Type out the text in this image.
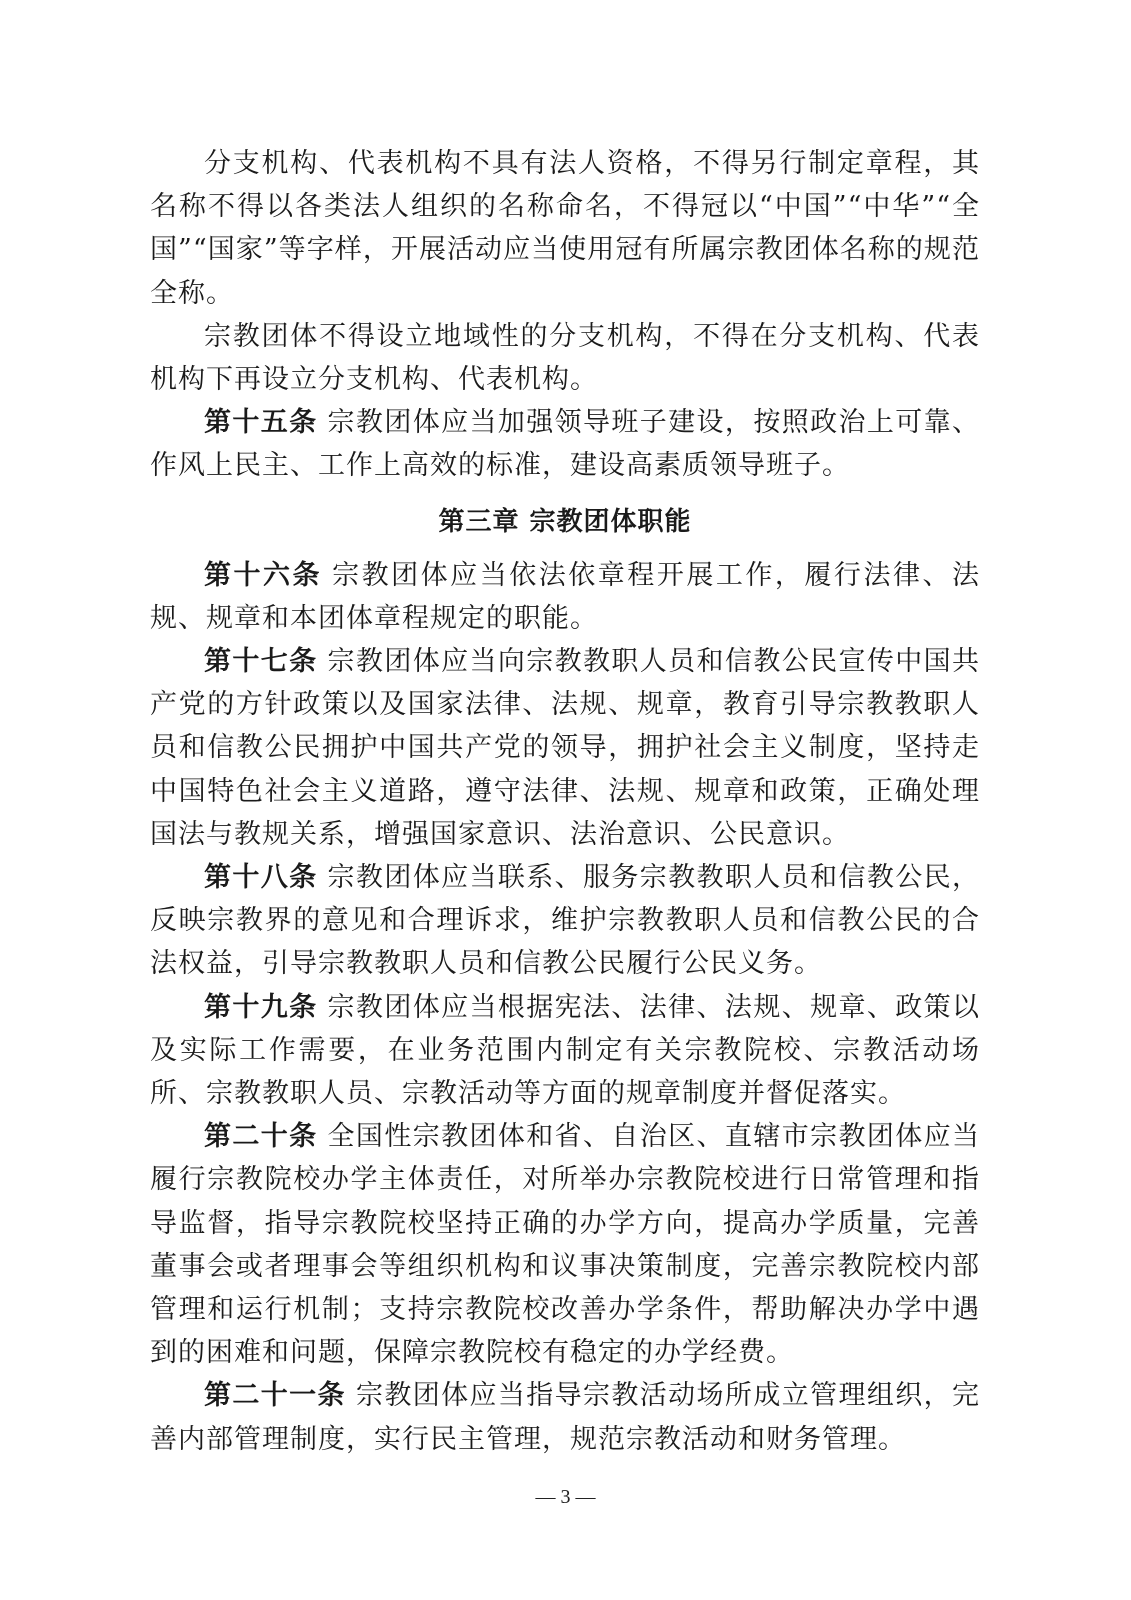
分支机构、代表机构不具有法人资格，不得另行制定章程，其名称不得以各类法人组织的名称命名，不得冠以“中国”“中华”“全国”“国家”等字样，开展活动应当使用冠有所属宗教团体名称的规范全称。

宗教团体不得设立地域性的分支机构，不得在分支机构、代表机构下再设立分支机构、代表机构。

第十五条 宗教团体应当加强领导班子建设，按照政治上可靠、作风上民主、工作上高效的标准，建设高素质领导班子。

第三章 宗教团体职能

第十六条 宗教团体应当依法依章程开展工作，履行法律、法规、规章和本团体章程规定的职能。

第十七条 宗教团体应当向宗教教职人员和信教公民宣传中国共产党的方针政策以及国家法律、法规、规章，教育引导宗教教职人员和信教公民拥护中国共产党的领导，拥护社会主义制度，坚持走中国特色社会主义道路，遵守法律、法规、规章和政策，正确处理国法与教规关系，增强国家意识、法治意识、公民意识。

第十八条 宗教团体应当联系、服务宗教教职人员和信教公民，反映宗教界的意见和合理诉求，维护宗教教职人员和信教公民的合法权益，引导宗教教职人员和信教公民履行公民义务。

第十九条 宗教团体应当根据宪法、法律、法规、规章、政策以及实际工作需要，在业务范围内制定有关宗教院校、宗教活动场所、宗教教职人员、宗教活动等方面的规章制度并督促落实。

第二十条 全国性宗教团体和省、自治区、直辖市宗教团体应当履行宗教院校办学主体责任，对所举办宗教院校进行日常管理和指导监督，指导宗教院校坚持正确的办学方向，提高办学质量，完善董事会或者理事会等组织机构和议事决策制度，完善宗教院校内部管理和运行机制；支持宗教院校改善办学条件，帮助解决办学中遇到的困难和问题，保障宗教院校有稳定的办学经费。

第二十一条 宗教团体应当指导宗教活动场所成立管理组织，完善内部管理制度，实行民主管理，规范宗教活动和财务管理。

— 3 —
